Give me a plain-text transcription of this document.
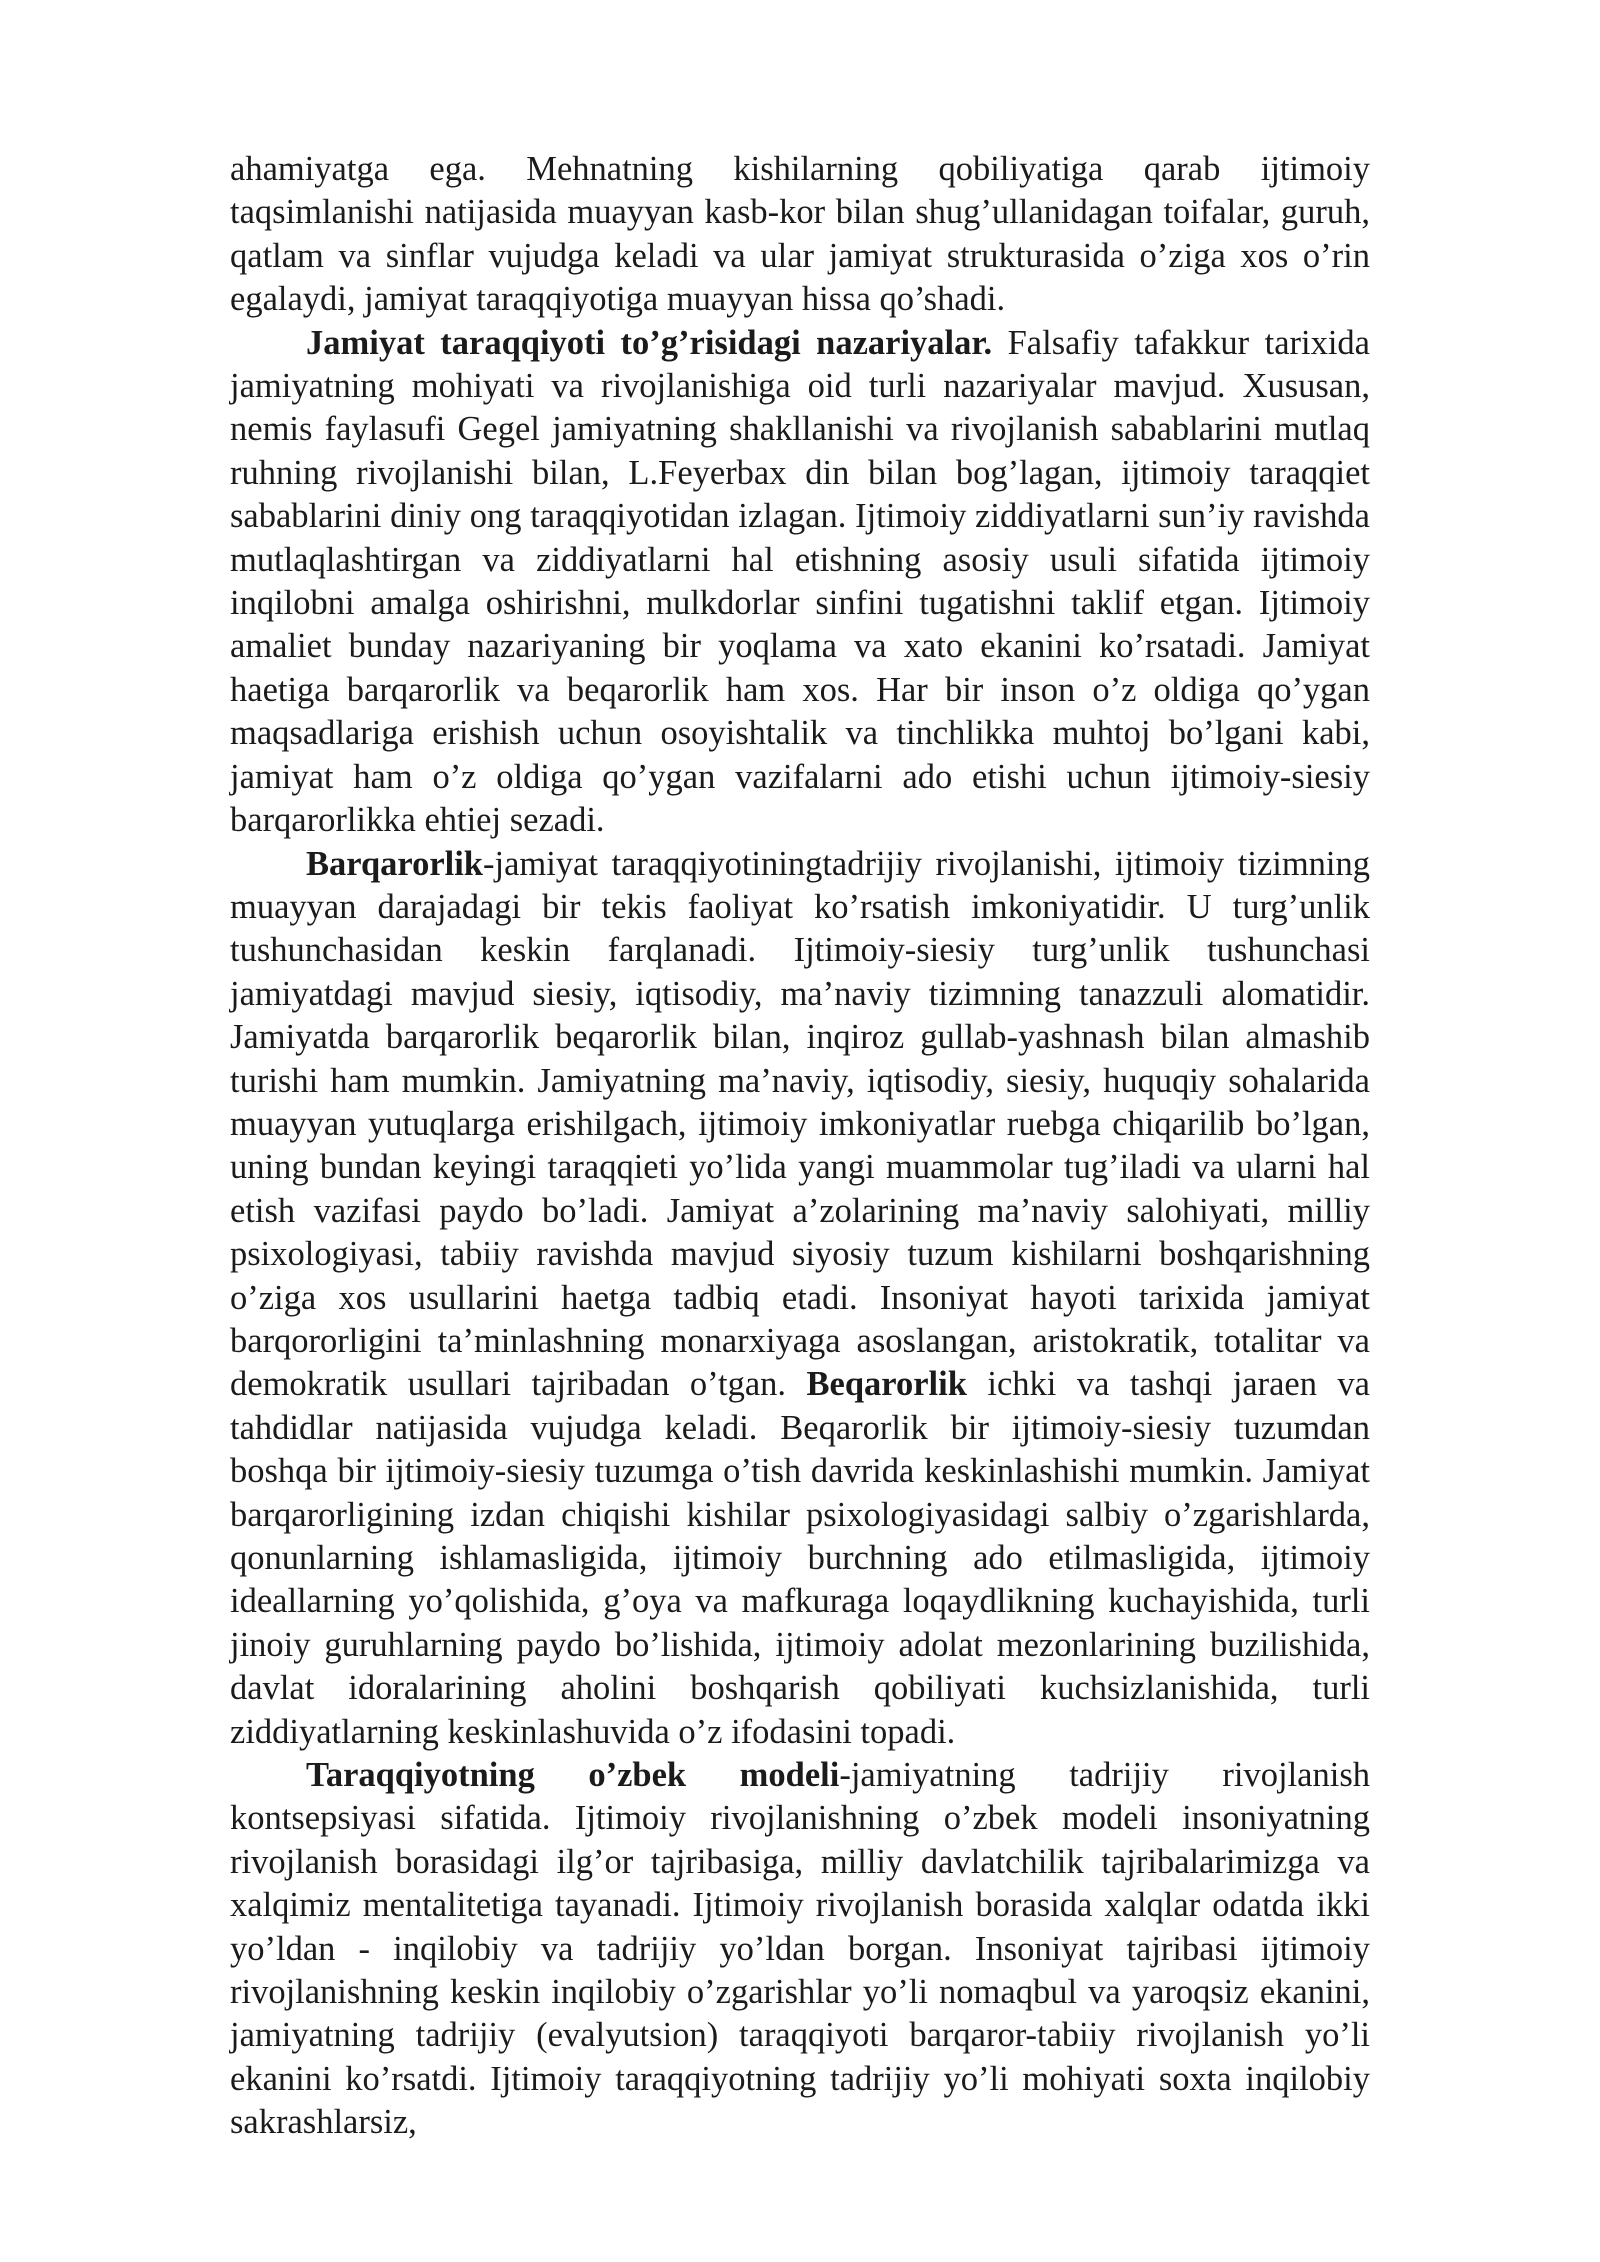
ahamiyatga ega. Mehnatning kishilarning qobiliyatiga qarab ijtimoiy taqsimlanishi natijasida muayyan kasb-kor bilan shug’ullanidagan toifalar, guruh, qatlam va sinflar vujudga keladi va ular jamiyat strukturasida o’ziga xos o’rin egalaydi, jamiyat taraqqiyotiga muayyan hissa qo’shadi.

Jamiyat taraqqiyoti to’g’risidagi nazariyalar. Falsafiy tafakkur tarixida jamiyatning mohiyati va rivojlanishiga oid turli nazariyalar mavjud. Xususan, nemis faylasufi Gegel jamiyatning shakllanishi va rivojlanish sabablarini mutlaq ruhning rivojlanishi bilan, L.Feyerbax din bilan bog’lagan, ijtimoiy taraqqiet sabablarini diniy ong taraqqiyotidan izlagan. Ijtimoiy ziddiyatlarni sun’iy ravishda mutlaqlashtirgan va ziddiyatlarni hal etishning asosiy usuli sifatida ijtimoiy inqilobni amalga oshirishni, mulkdorlar sinfini tugatishni taklif etgan. Ijtimoiy amaliet bunday nazariyaning bir yoqlama va xato ekanini ko’rsatadi. Jamiyat haetiga barqarorlik va beqarorlik ham xos. Har bir inson o’z oldiga qo’ygan maqsadlariga erishish uchun osoyishtalik va tinchlikka muhtoj bo’lgani kabi, jamiyat ham o’z oldiga qo’ygan vazifalarni ado etishi uchun ijtimoiy-siesiy barqarorlikka ehtiej sezadi.

Barqarorlik-jamiyat taraqqiyotiningtadrijiy rivojlanishi, ijtimoiy tizimning muayyan darajadagi bir tekis faoliyat ko’rsatish imkoniyatidir. U turg’unlik tushunchasidan keskin farqlanadi. Ijtimoiy-siesiy turg’unlik tushunchasi jamiyatdagi mavjud siesiy, iqtisodiy, ma’naviy tizimning tanazzuli alomatidir. Jamiyatda barqarorlik beqarorlik bilan, inqiroz gullab-yashnash bilan almashib turishi ham mumkin. Jamiyatning ma’naviy, iqtisodiy, siesiy, huquqiy sohalarida muayyan yutuqlarga erishilgach, ijtimoiy imkoniyatlar ruebga chiqarilib bo’lgan, uning bundan keyingi taraqqieti yo’lida yangi muammolar tug’iladi va ularni hal etish vazifasi paydo bo’ladi. Jamiyat a’zolarining ma’naviy salohiyati, milliy psixologiyasi, tabiiy ravishda mavjud siyosiy tuzum kishilarni boshqarishning o’ziga xos usullarini haetga tadbiq etadi. Insoniyat hayoti tarixida jamiyat barqororligini ta’minlashning monarxiyaga asoslangan, aristokratik, totalitar va demokratik usullari tajribadan o’tgan. Beqarorlik ichki va tashqi jaraen va tahdidlar natijasida vujudga keladi. Beqarorlik bir ijtimoiy-siesiy tuzumdan boshqa bir ijtimoiy-siesiy tuzumga o’tish davrida keskinlashishi mumkin. Jamiyat barqarorligining izdan chiqishi kishilar psixologiyasidagi salbiy o’zgarishlarda, qonunlarning ishlamasligida, ijtimoiy burchning ado etilmasligida, ijtimoiy ideallarning yo’qolishida, g’oya va mafkuraga loqaydlikning kuchayishida, turli jinoiy guruhlarning paydo bo’lishida, ijtimoiy adolat mezonlarining buzilishida, davlat idoralarining aholini boshqarish qobiliyati kuchsizlanishida, turli ziddiyatlarning keskinlashuvida o’z ifodasini topadi.

Taraqqiyotning o’zbek modeli-jamiyatning tadrijiy rivojlanish kontsepsiyasi sifatida. Ijtimoiy rivojlanishning o’zbek modeli insoniyatning rivojlanish borasidagi ilg’or tajribasiga, milliy davlatchilik tajribalarimizga va xalqimiz mentalitetiga tayanadi. Ijtimoiy rivojlanish borasida xalqlar odatda ikki yo’ldan - inqilobiy va tadrijiy yo’ldan borgan. Insoniyat tajribasi ijtimoiy rivojlanishning keskin inqilobiy o’zgarishlar yo’li nomaqbul va yaroqsiz ekanini, jamiyatning tadrijiy (evalyutsion) taraqqiyoti barqaror-tabiiy rivojlanish yo’li ekanini ko’rsatdi. Ijtimoiy taraqqiyotning tadrijiy yo’li mohiyati soxta inqilobiy sakrashlarsiz,
